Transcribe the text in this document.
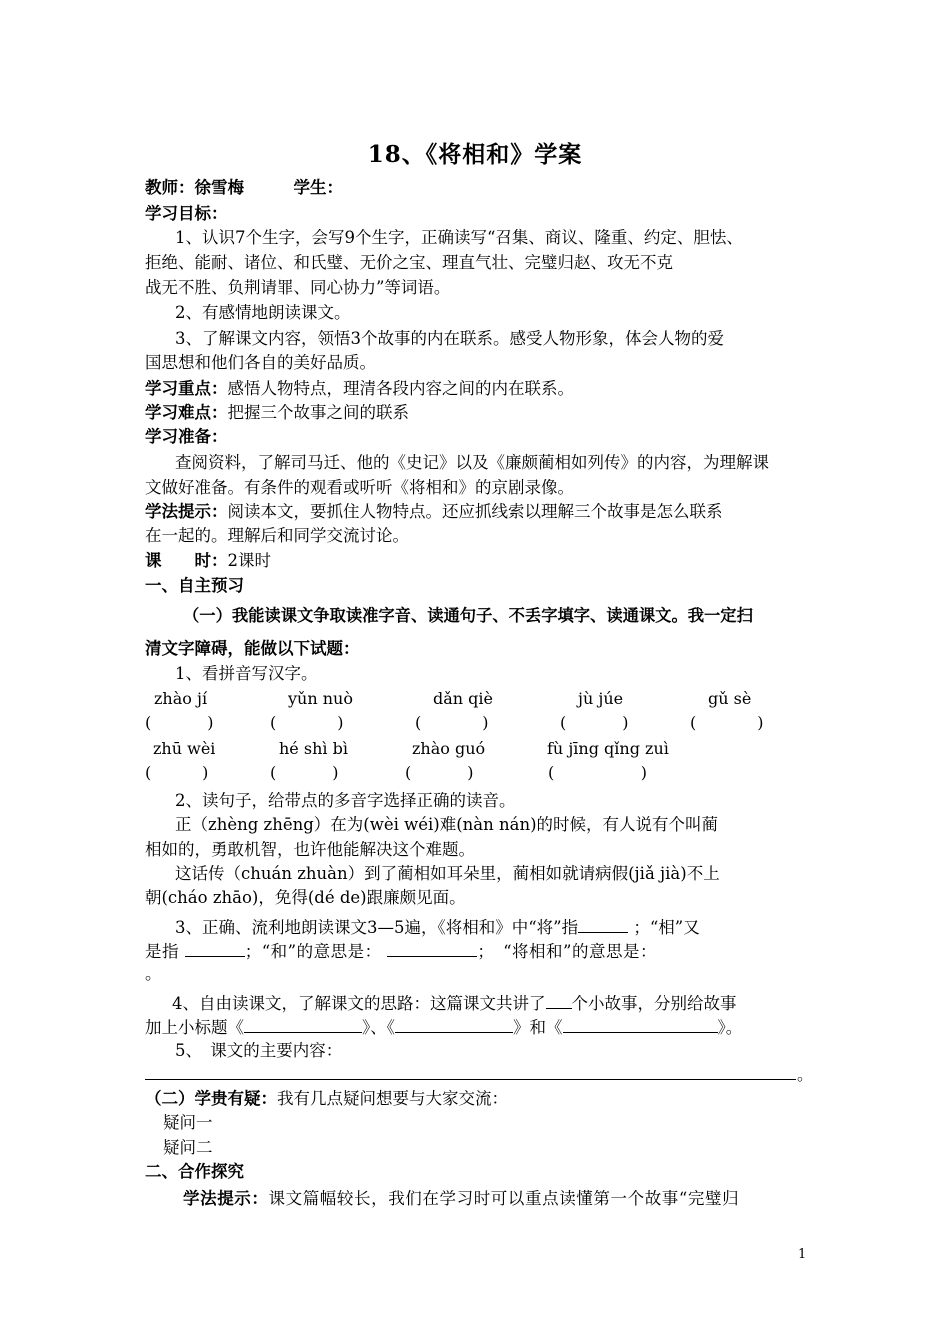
18、《将相和》学案
教师：徐雪梅　　　学生：
学习目标：
1、认识7个生字，会写9个生字，正确读写“召集、商议、隆重、约定、胆怯、
拒绝、能耐、诸位、和氏璧、无价之宝、理直气壮、完璧归赵、攻无不克
战无不胜、负荆请罪、同心协力”等词语。
2、有感情地朗读课文。
3、了解课文内容，领悟3个故事的内在联系。感受人物形象，体会人物的爱
国思想和他们各自的美好品质。
学习重点：感悟人物特点，理清各段内容之间的内在联系。
学习难点：把握三个故事之间的联系
学习准备：
查阅资料，了解司马迁、他的《史记》以及《廉颇蔺相如列传》的内容，为理解课
文做好准备。有条件的观看或听听《将相和》的京剧录像。
学法提示：阅读本文，要抓住人物特点。还应抓线索以理解三个故事是怎么联系
在一起的。理解后和同学交流讨论。
课　　时：2课时
一、自主预习
（一）我能读课文争取读准字音、读通句子、不丢字填字、读通课文。我一定扫
清文字障碍，能做以下试题：
1、看拼音写汉字。
zhào jí	yǔn nuò	dǎn qiè	jù júe	gǔ sè
(           )	(            )	(            )	(           )	(            )
zhū wèi	hé shì bì	zhào guó	fù jīng qǐng zuì
(          )	(           )	(           )	(                 )
2、读句子，给带点的多音字选择正确的读音。
正（zhèng zhēng）在为(wèi wéi)难(nàn nán)的时候，有人说有个叫蔺
相如的，勇敢机智，也许他能解决这个难题。
这话传（chuán zhuàn）到了蔺相如耳朵里，蔺相如就请病假(jiǎ jià)不上
朝(cháo zhāo)，免得(dé de)跟廉颇见面。
3、正确、流利地朗读课文3—5遍，《将相和》中“将”指	；“相”又
是指	；“和”的意思是：	；　“将相和”的意思是：
。
4、自由读课文，了解课文的思路：这篇课文共讲了 个小故事，分别给故事
加上小标题《	》、《	》和《	》。
5、　课文的主要内容：
。
（二）学贵有疑：我有几点疑问想要与大家交流：
疑问一
疑问二
二、合作探究
学法提示：课文篇幅较长，我们在学习时可以重点读懂第一个故事“完璧归
1
